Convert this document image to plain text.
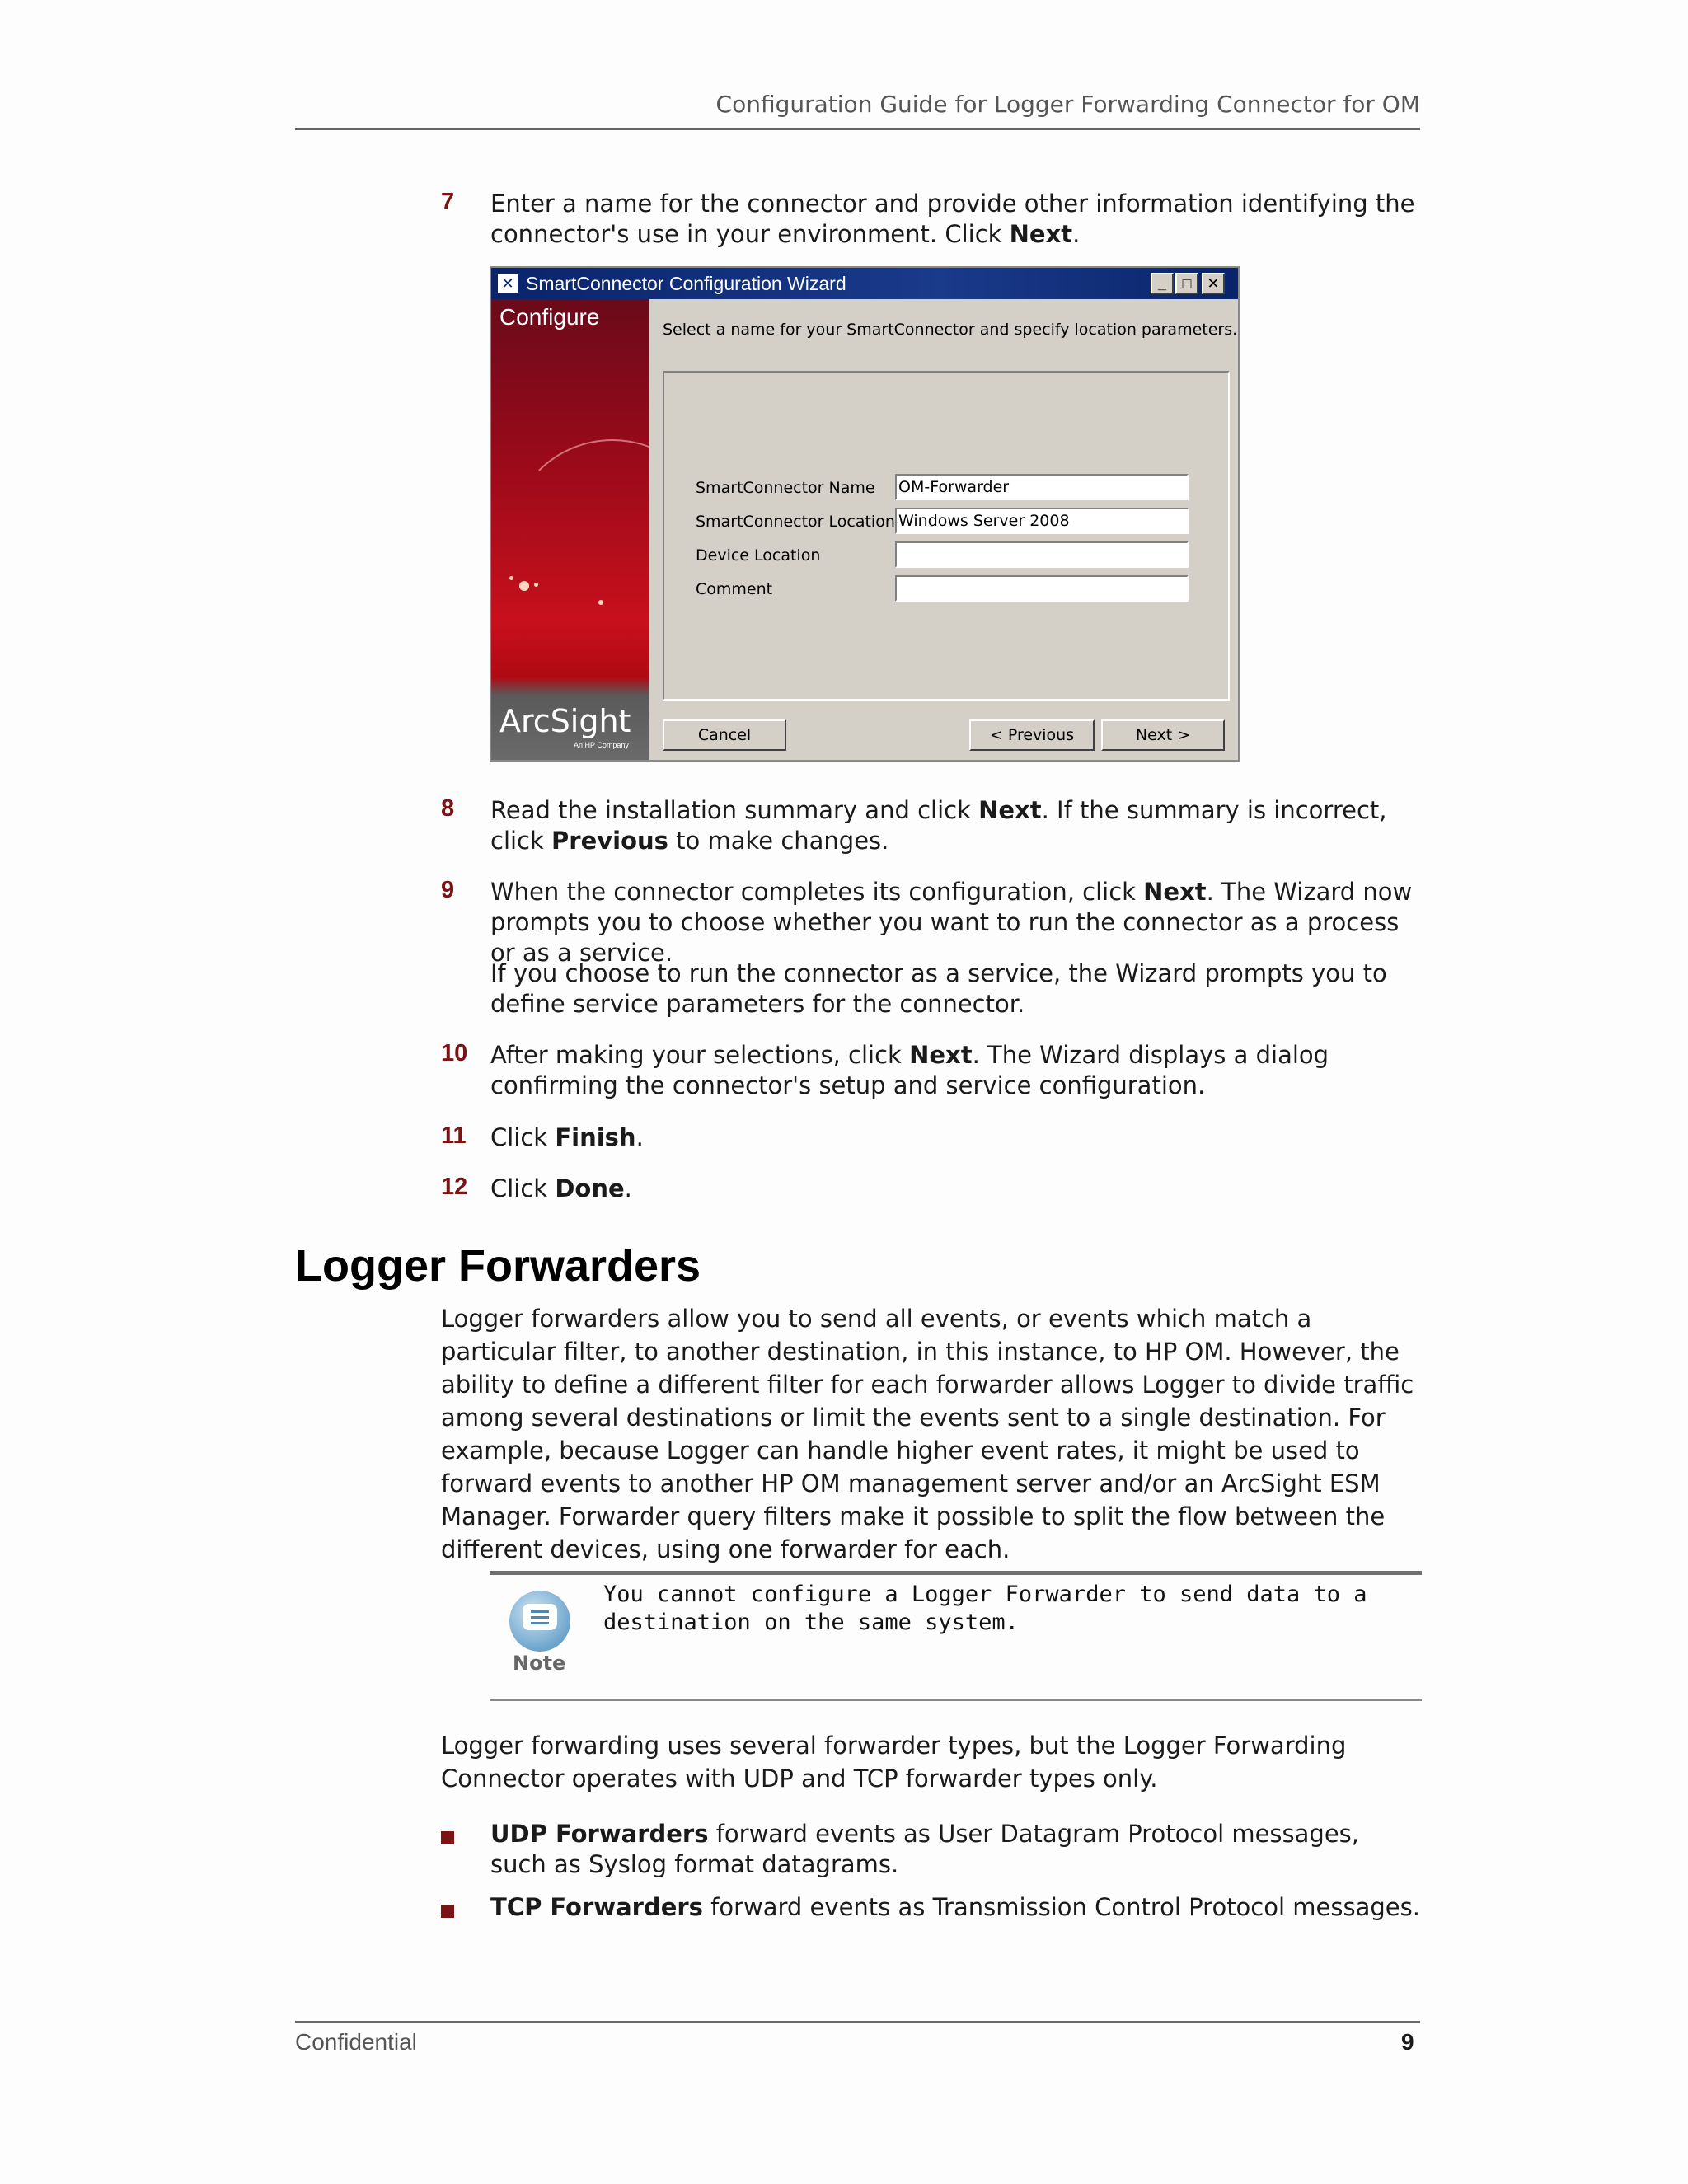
Configuration Guide for Logger Forwarding Connector for OM
7 Enter a name for the connector and provide other information identifying the connector's use in your environment. Click Next.
✕ SmartConnector Configuration Wizard	_	□	✕
Configure
ArcSight
An HP Company
Select a name for your SmartConnector and specify location parameters.
SmartConnector Name OM-Forwarder
SmartConnector Location Windows Server 2008
Device Location
Comment
Cancel	< Previous	Next >
8 Read the installation summary and click Next. If the summary is incorrect, click Previous to make changes.
9 When the connector completes its configuration, click Next. The Wizard now prompts you to choose whether you want to run the connector as a process or as a service.
If you choose to run the connector as a service, the Wizard prompts you to define service parameters for the connector.
10 After making your selections, click Next. The Wizard displays a dialog confirming the connector's setup and service configuration.
11 Click Finish.
12 Click Done.
Logger Forwarders
Logger forwarders allow you to send all events, or events which match a particular filter, to another destination, in this instance, to HP OM. However, the ability to define a different filter for each forwarder allows Logger to divide traffic among several destinations or limit the events sent to a single destination. For example, because Logger can handle higher event rates, it might be used to forward events to another HP OM management server and/or an ArcSight ESM Manager. Forwarder query filters make it possible to split the flow between the different devices, using one forwarder for each.
Note
You cannot configure a Logger Forwarder to send data to a destination on the same system.
Logger forwarding uses several forwarder types, but the Logger Forwarding Connector operates with UDP and TCP forwarder types only.
UDP Forwarders forward events as User Datagram Protocol messages, such as Syslog format datagrams.
TCP Forwarders forward events as Transmission Control Protocol messages.
Confidential	9
